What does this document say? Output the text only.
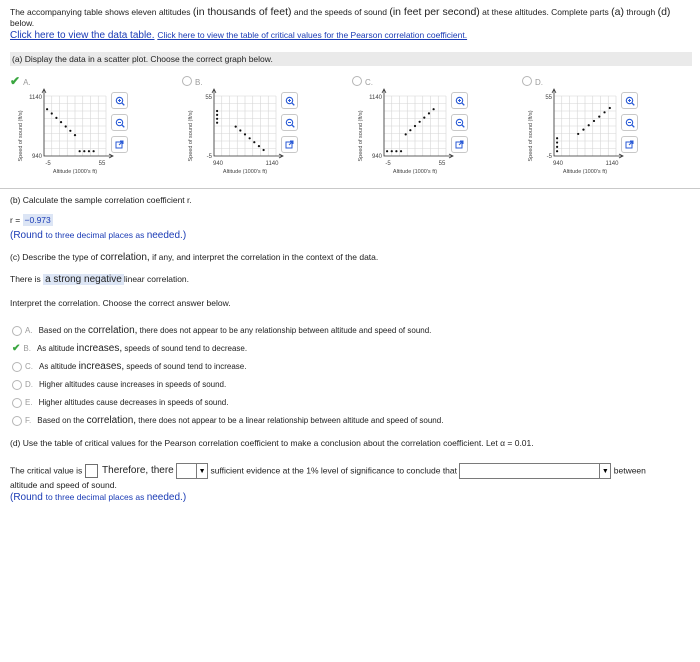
The accompanying table shows eleven altitudes (in thousands of feet) and the speeds of sound (in feet per second) at these altitudes. Complete parts (a) through (d)
below.
Click here to view the data table. Click here to view the table of critical values for the Pearson correlation coefficient.
(a) Display the data in a scatter plot. Choose the correct graph below.
✔ A.
1140
940
-5	55
Altitude (1000's ft)
Speed of sound (ft/s)
B.
55
-5
940	1140
Altitude (1000's ft)
Speed of sound (ft/s)
C.
1140
940
-5	55
Altitude (1000's ft)
Speed of sound (ft/s)
D.
55
-5
940	1140
Altitude (1000's ft)
Speed of sound (ft/s)
(b) Calculate the sample correlation coefficient r.
r = −0.973
(Round to three decimal places as needed.)
(c) Describe the type of correlation, if any, and interpret the correlation in the context of the data.
There is a strong negative linear correlation.
Interpret the correlation. Choose the correct answer below.
A. Based on the correlation, there does not appear to be any relationship between altitude and speed of sound.
✔ B. As altitude increases, speeds of sound tend to decrease.
C. As altitude increases, speeds of sound tend to increase.
D. Higher altitudes cause increases in speeds of sound.
E. Higher altitudes cause decreases in speeds of sound.
F. Based on the correlation, there does not appear to be a linear relationship between altitude and speed of sound.
(d) Use the table of critical values for the Pearson correlation coefficient to make a conclusion about the correlation coefficient. Let α = 0.01.
The critical value is Therefore, there	▼ sufficient evidence at the 1% level of significance to conclude that	▼ between
altitude and speed of sound.
(Round to three decimal places as needed.)
